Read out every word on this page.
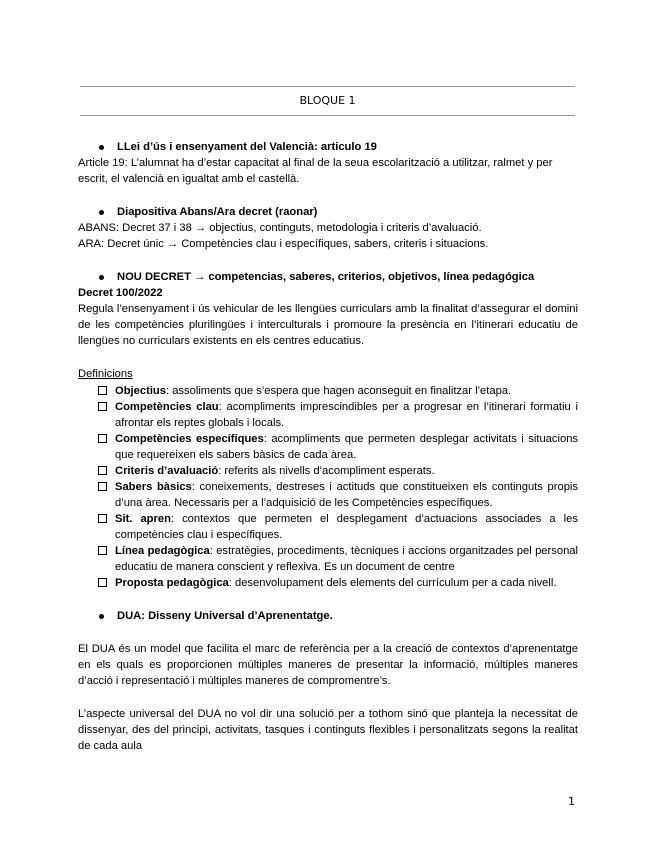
BLOQUE 1
LLei d’ús i ensenyament del Valencià: articulo 19
Article 19: L’alumnat ha d’estar capacitat al final de la seua escolarització a utilitzar, ralmet y per
escrit, el valencià en igualtat amb el castellà.
Diapositiva Abans/Ara decret (raonar)
ABANS: Decret 37 i 38 → objectius, continguts, metodologia i criteris d’avaluació.
ARA: Decret únic → Competències clau i específiques, sabers, criteris i situacions.
NOU DECRET → competencias, saberes, criterios, objetivos, línea pedagógica
Decret 100/2022
Regula l’ensenyament i ús vehicular de les llengües curriculars amb la finalitat d’assegurar el domini de les competències plurilingües i interculturals i promoure la presència en l’itinerari educatiu de llengües no curriculars existents en els centres educatius.
Definicions
Objectius: assoliments que s’espera que hagen aconseguit en finalitzar l’etapa.
Competències clau: acompliments imprescindibles per a progresar en l’itinerari formatiu i afrontar els reptes globals i locals.
Competències específiques: acompliments que permeten desplegar activitats i situacions que requereixen els sabers bàsics de cada àrea.
Criteris d’avaluació: referits als nivells d’acompliment esperats.
Sabers bàsics: coneixements, destreses i actituds que constitueixen els continguts propis d’una àrea. Necessaris per a l’adquisició de les Competències específiques.
Sit. apren: contextos que permeten el desplegament d’actuacions associades a les competències clau i específiques.
Línea pedagògica: estratègies, procediments, tècniques i accions organitzades pel personal educatiu de manera conscient y reflexiva. Es un document de centre
Proposta pedagògica: desenvolupament dels elements del currículum per a cada nivell.
DUA: Disseny Universal d’Aprenentatge.
El DUA és un model que facilita el marc de referència per a la creació de contextos d’aprenentatge en els quals es proporcionen múltiples maneres de presentar la informació, múltiples maneres d’acció i representació i múltiples maneres de compromentre’s.
L’aspecte universal del DUA no vol dir una solució per a tothom sinó que planteja la necessitat de dissenyar, des del principi, activitats, tasques i continguts flexibles i personalitzats segons la realitat de cada aula
1
